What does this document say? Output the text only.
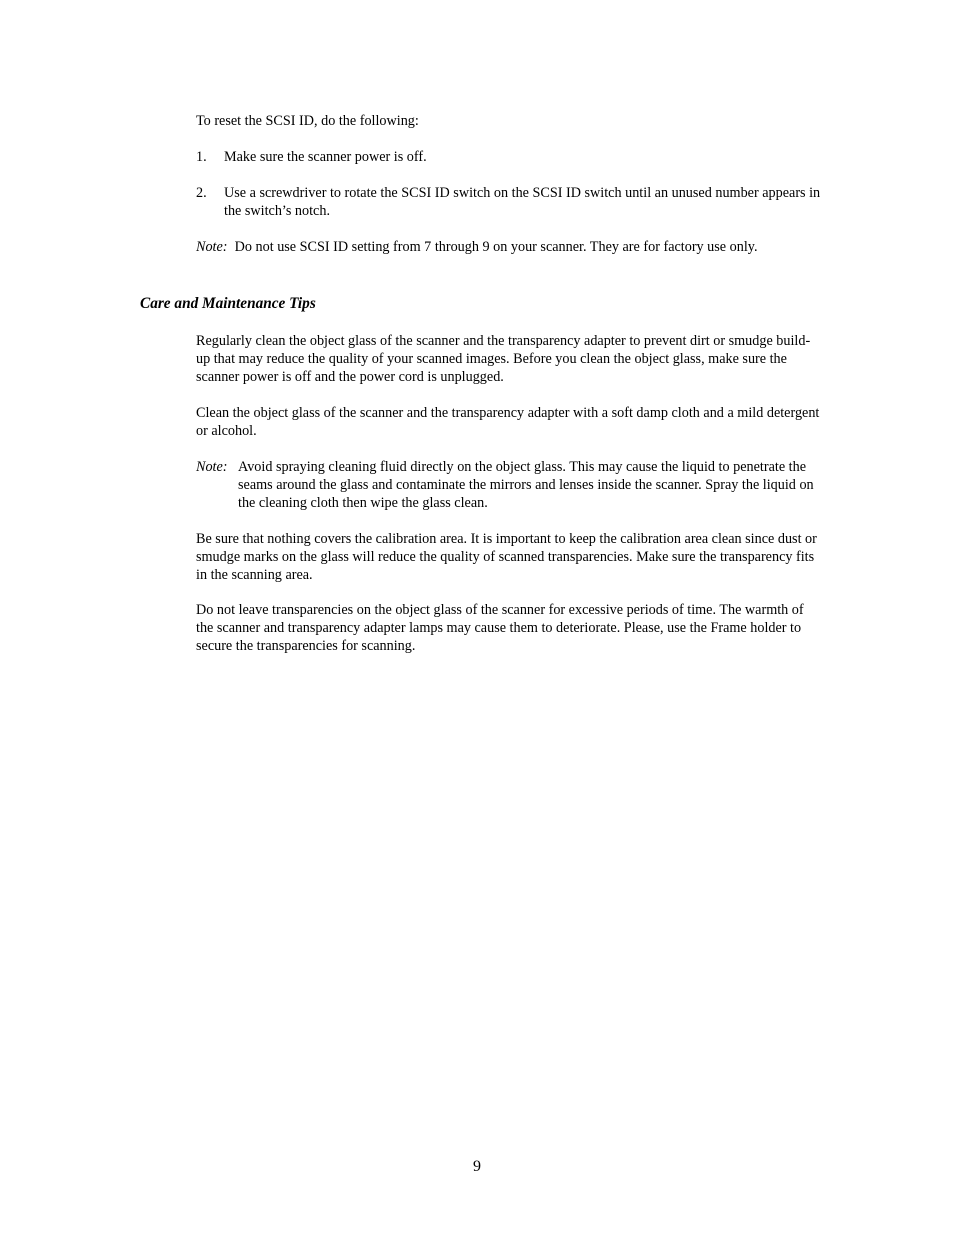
To reset the SCSI ID, do the following:

1. Make sure the scanner power is off.
2. Use a screwdriver to rotate the SCSI ID switch on the SCSI ID switch until an unused number appears in the switch’s notch.

Note: Do not use SCSI ID setting from 7 through 9 on your scanner. They are for factory use only.

Care and Maintenance Tips

Regularly clean the object glass of the scanner and the transparency adapter to prevent dirt or smudge build-up that may reduce the quality of your scanned images. Before you clean the object glass, make sure the scanner power is off and the power cord is unplugged.

Clean the object glass of the scanner and the transparency adapter with a soft damp cloth and a mild detergent or alcohol.

Note: Avoid spraying cleaning fluid directly on the object glass. This may cause the liquid to penetrate the seams around the glass and contaminate the mirrors and lenses inside the scanner. Spray the liquid on the cleaning cloth then wipe the glass clean.

Be sure that nothing covers the calibration area. It is important to keep the calibration area clean since dust or smudge marks on the glass will reduce the quality of scanned transparencies. Make sure the transparency fits in the scanning area.

Do not leave transparencies on the object glass of the scanner for excessive periods of time. The warmth of the scanner and transparency adapter lamps may cause them to deteriorate. Please, use the Frame holder to secure the transparencies for scanning.

9
